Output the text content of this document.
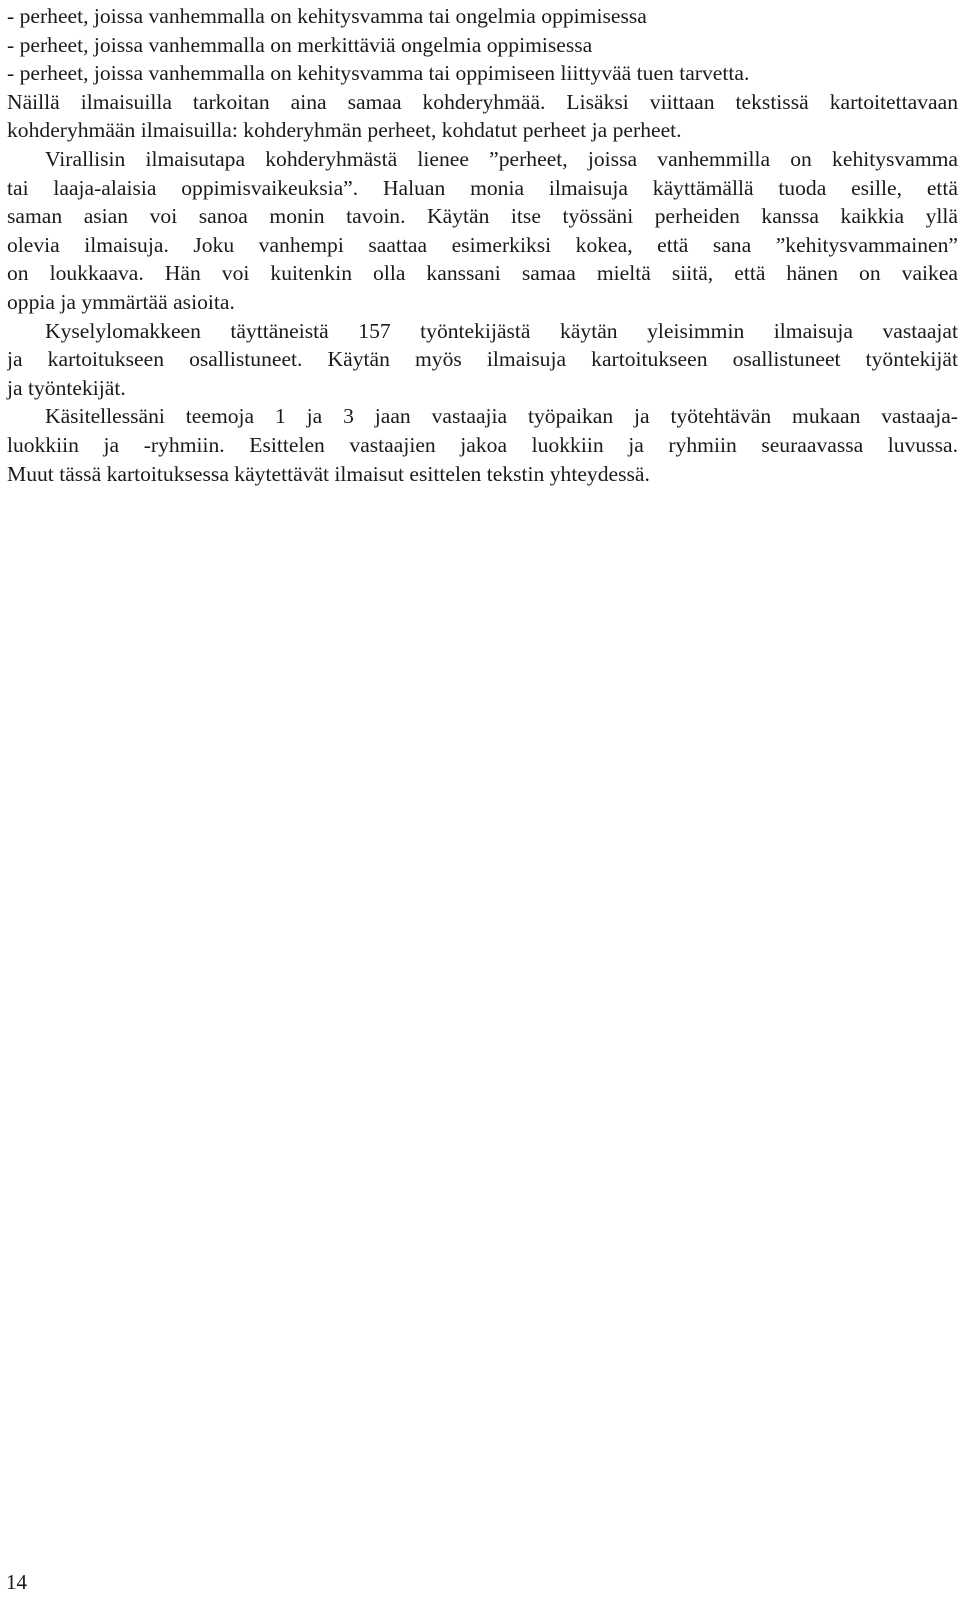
- perheet, joissa vanhemmalla on kehitysvamma tai ongelmia oppimisessa
- perheet, joissa vanhemmalla on merkittäviä ongelmia oppimisessa
- perheet, joissa vanhemmalla on kehitysvamma tai oppimiseen liittyvää tuen tarvetta.
Näillä ilmaisuilla tarkoitan aina samaa kohderyhmää. Lisäksi viittaan tekstissä kartoitettavaan
kohderyhmään ilmaisuilla: kohderyhmän perheet, kohdatut perheet ja perheet.
Virallisin ilmaisutapa kohderyhmästä lienee ”perheet, joissa vanhemmilla on kehitysvamma
tai laaja-alaisia oppimisvaikeuksia”. Haluan monia ilmaisuja käyttämällä tuoda esille, että
saman asian voi sanoa monin tavoin. Käytän itse työssäni perheiden kanssa kaikkia yllä
olevia ilmaisuja. Joku vanhempi saattaa esimerkiksi kokea, että sana ”kehitysvammainen”
on loukkaava. Hän voi kuitenkin olla kanssani samaa mieltä siitä, että hänen on vaikea
oppia ja ymmärtää asioita.
Kyselylomakkeen täyttäneistä 157 työntekijästä käytän yleisimmin ilmaisuja vastaajat
ja kartoitukseen osallistuneet. Käytän myös ilmaisuja kartoitukseen osallistuneet työntekijät
ja työntekijät.
Käsitellessäni teemoja 1 ja 3 jaan vastaajia työpaikan ja työtehtävän mukaan vastaaja-
luokkiin ja -ryhmiin. Esittelen vastaajien jakoa luokkiin ja ryhmiin seuraavassa luvussa.
Muut tässä kartoituksessa käytettävät ilmaisut esittelen tekstin yhteydessä.
14
